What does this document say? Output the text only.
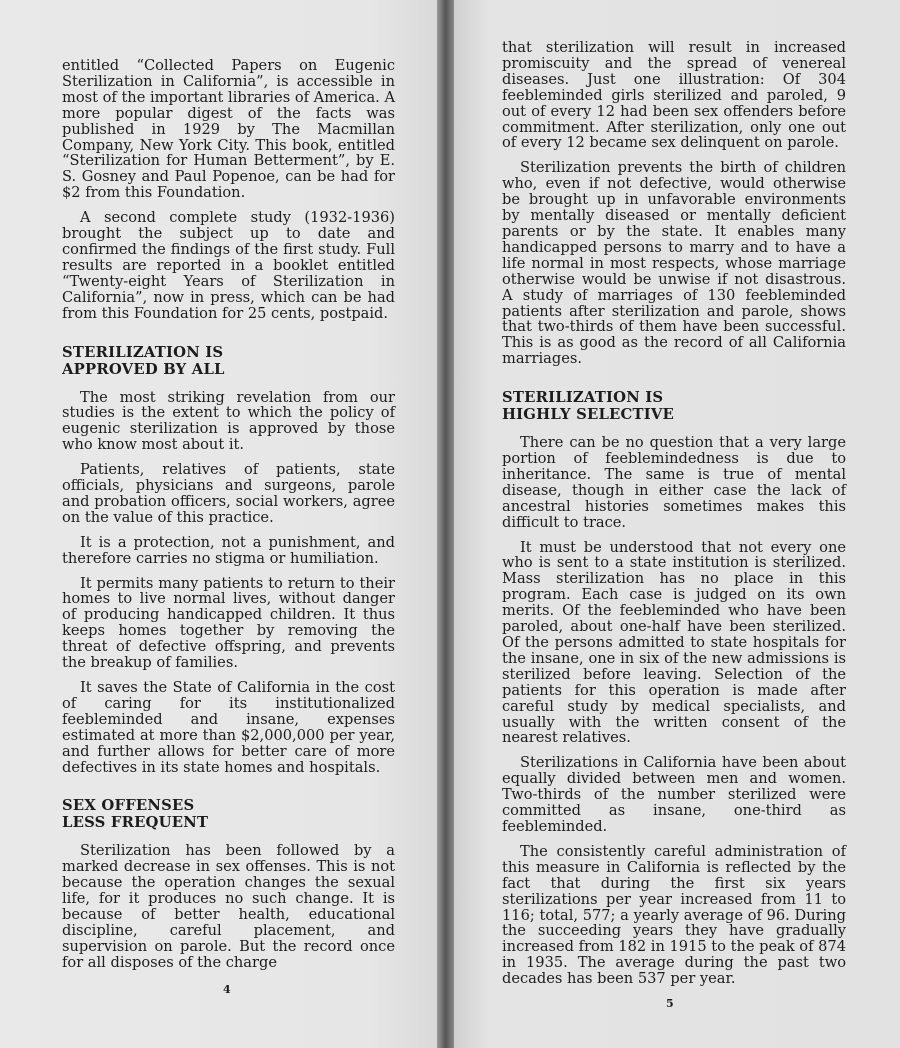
entitled “Collected Papers on Eugenic Sterilization in California”, is accessible in most of the important libraries of America. A more popular digest of the facts was published in 1929 by The Macmillan Company, New York City. This book, entitled “Sterilization for Human Betterment”, by E. S. Gosney and Paul Popenoe, can be had for $2 from this Foundation.

A second complete study (1932-1936) brought the subject up to date and confirmed the findings of the first study. Full results are reported in a booklet entitled “Twenty-eight Years of Sterilization in California”, now in press, which can be had from this Foundation for 25 cents, postpaid.

STERILIZATION IS
APPROVED BY ALL

The most striking revelation from our studies is the extent to which the policy of eugenic sterilization is approved by those who know most about it.

Patients, relatives of patients, state officials, physicians and surgeons, parole and probation officers, social workers, agree on the value of this practice.

It is a protection, not a punishment, and therefore carries no stigma or humiliation.

It permits many patients to return to their homes to live normal lives, without danger of producing handicapped children. It thus keeps homes together by removing the threat of defective offspring, and prevents the breakup of families.

It saves the State of California in the cost of caring for its institutionalized feebleminded and insane, expenses estimated at more than $2,000,000 per year, and further allows for better care of more defectives in its state homes and hospitals.

SEX OFFENSES
LESS FREQUENT

Sterilization has been followed by a marked decrease in sex offenses. This is not because the operation changes the sexual life, for it produces no such change. It is because of better health, educational discipline, careful placement, and supervision on parole. But the record once for all disposes of the charge

4

that sterilization will result in increased promiscuity and the spread of venereal diseases. Just one illustration: Of 304 feebleminded girls sterilized and paroled, 9 out of every 12 had been sex offenders before commitment. After sterilization, only one out of every 12 became sex delinquent on parole.

Sterilization prevents the birth of children who, even if not defective, would otherwise be brought up in unfavorable environments by mentally diseased or mentally deficient parents or by the state. It enables many handicapped persons to marry and to have a life normal in most respects, whose marriage otherwise would be unwise if not disastrous. A study of marriages of 130 feebleminded patients after sterilization and parole, shows that two-thirds of them have been successful. This is as good as the record of all California marriages.

STERILIZATION IS
HIGHLY SELECTIVE

There can be no question that a very large portion of feeblemindedness is due to inheritance. The same is true of mental disease, though in either case the lack of ancestral histories sometimes makes this difficult to trace.

It must be understood that not every one who is sent to a state institution is sterilized. Mass sterilization has no place in this program. Each case is judged on its own merits. Of the feebleminded who have been paroled, about one-half have been sterilized. Of the persons admitted to state hospitals for the insane, one in six of the new admissions is sterilized before leaving. Selection of the patients for this operation is made after careful study by medical specialists, and usually with the written consent of the nearest relatives.

Sterilizations in California have been about equally divided between men and women. Two-thirds of the number sterilized were committed as insane, one-third as feebleminded.

The consistently careful administration of this measure in California is reflected by the fact that during the first six years sterilizations per year increased from 11 to 116; total, 577; a yearly average of 96. During the succeeding years they have gradually increased from 182 in 1915 to the peak of 874 in 1935. The average during the past two decades has been 537 per year.

5
